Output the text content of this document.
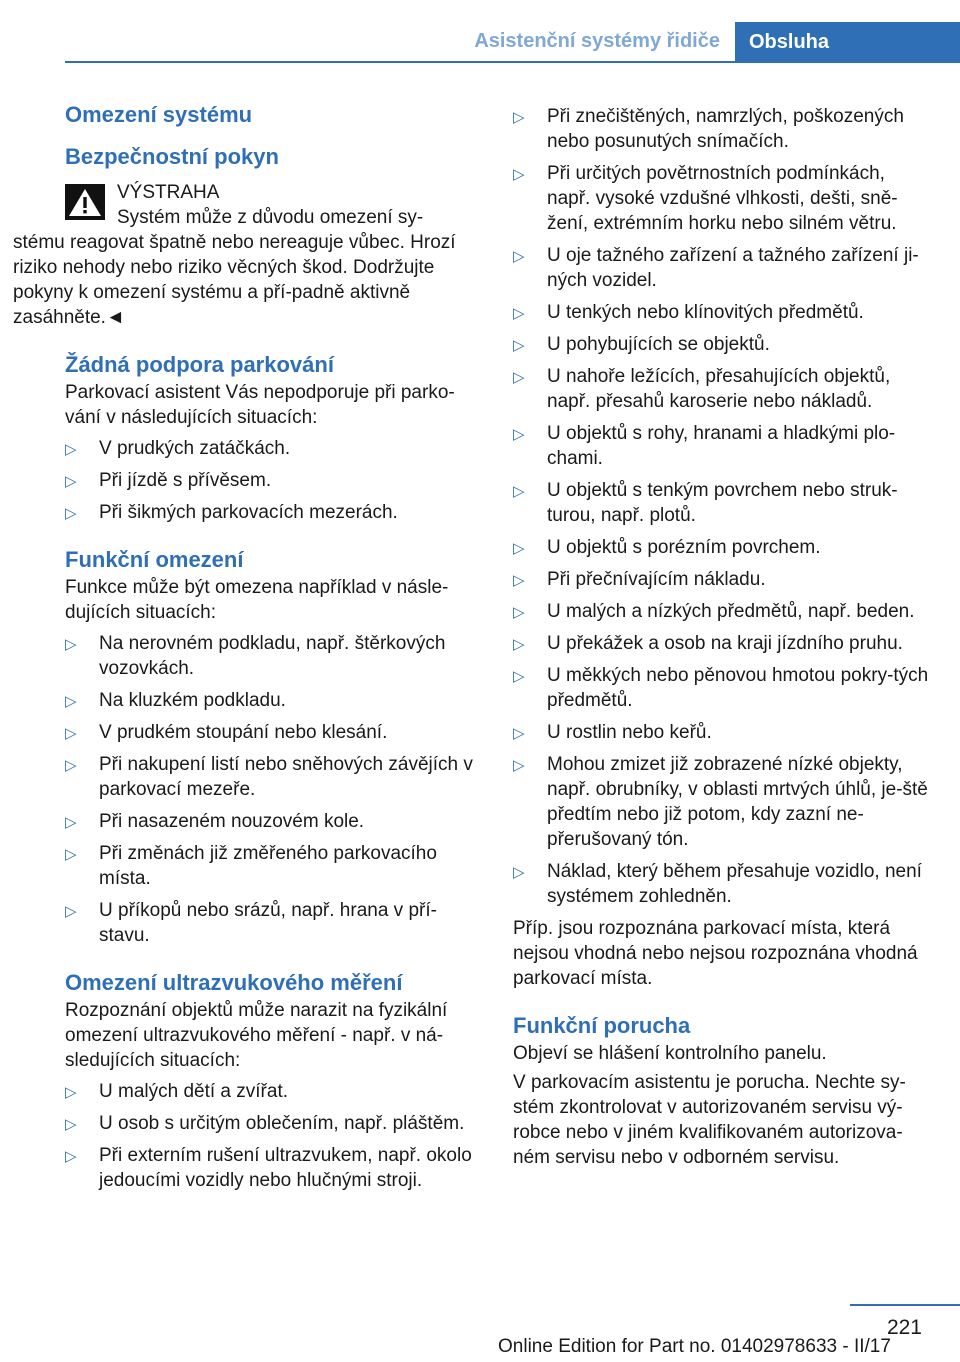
Asistenční systémy řidiče	Obsluha
Omezení systému
Bezpečnostní pokyn

VÝSTRAHA

Systém může z důvodu omezení sy‐

stému reagovat špatně nebo nereaguje vůbec. Hrozí riziko nehody nebo riziko věcných škod. Dodržujte pokyny k omezení systému a pří‐padně aktivně zasáhněte.◄

Žádná podpora parkování

Parkovací asistent Vás nepodporuje při parko‐vání v následujících situacích:

▷ V prudkých zatáčkách.
▷ Při jízdě s přívěsem.
▷ Při šikmých parkovacích mezerách.
Funkční omezení

Funkce může být omezena například v násle‐dujících situacích:

▷ Na nerovném podkladu, např. štěrkových vozovkách.
▷ Na kluzkém podkladu.
▷ V prudkém stoupání nebo klesání.
▷ Při nakupení listí nebo sněhových závějích v parkovací mezeře.
▷ Při nasazeném nouzovém kole.
▷ Při změnách již změřeného parkovacího místa.
▷ U příkopů nebo srázů, např. hrana v pří‐stavu.
Omezení ultrazvukového měření

Rozpoznání objektů může narazit na fyzikální omezení ultrazvukového měření - např. v ná‐sledujících situacích:

▷ U malých dětí a zvířat.
▷ U osob s určitým oblečením, např. pláštěm.
▷ Při externím rušení ultrazvukem, např. okolo jedoucími vozidly nebo hlučnými stroji.
▷ Při znečištěných, namrzlých, poškozených nebo posunutých snímačích.
▷ Při určitých povětrnostních podmínkách, např. vysoké vzdušné vlhkosti, dešti, sně‐žení, extrémním horku nebo silném větru.
▷ U oje tažného zařízení a tažného zařízení ji‐ných vozidel.
▷ U tenkých nebo klínovitých předmětů.
▷ U pohybujících se objektů.
▷ U nahoře ležících, přesahujících objektů, např. přesahů karoserie nebo nákladů.
▷ U objektů s rohy, hranami a hladkými plo‐chami.
▷ U objektů s tenkým povrchem nebo struk‐turou, např. plotů.
▷ U objektů s porézním povrchem.
▷ Při přečnívajícím nákladu.
▷ U malých a nízkých předmětů, např. beden.
▷ U překážek a osob na kraji jízdního pruhu.
▷ U měkkých nebo pěnovou hmotou pokry‐tých předmětů.
▷ U rostlin nebo keřů.
▷ Mohou zmizet již zobrazené nízké objekty, např. obrubníky, v oblasti mrtvých úhlů, je‐ště předtím nebo již potom, kdy zazní ne‐přerušovaný tón.
▷ Náklad, který během přesahuje vozidlo, není systémem zohledněn.

Příp. jsou rozpoznána parkovací místa, která nejsou vhodná nebo nejsou rozpoznána vhodná parkovací místa.

Funkční porucha

Objeví se hlášení kontrolního panelu.

V parkovacím asistentu je porucha. Nechte sy‐stém zkontrolovat v autorizovaném servisu vý‐robce nebo v jiném kvalifikovaném autorizova‐ném servisu nebo v odborném servisu.

221
Online Edition for Part no. 01402978633 - II/17
